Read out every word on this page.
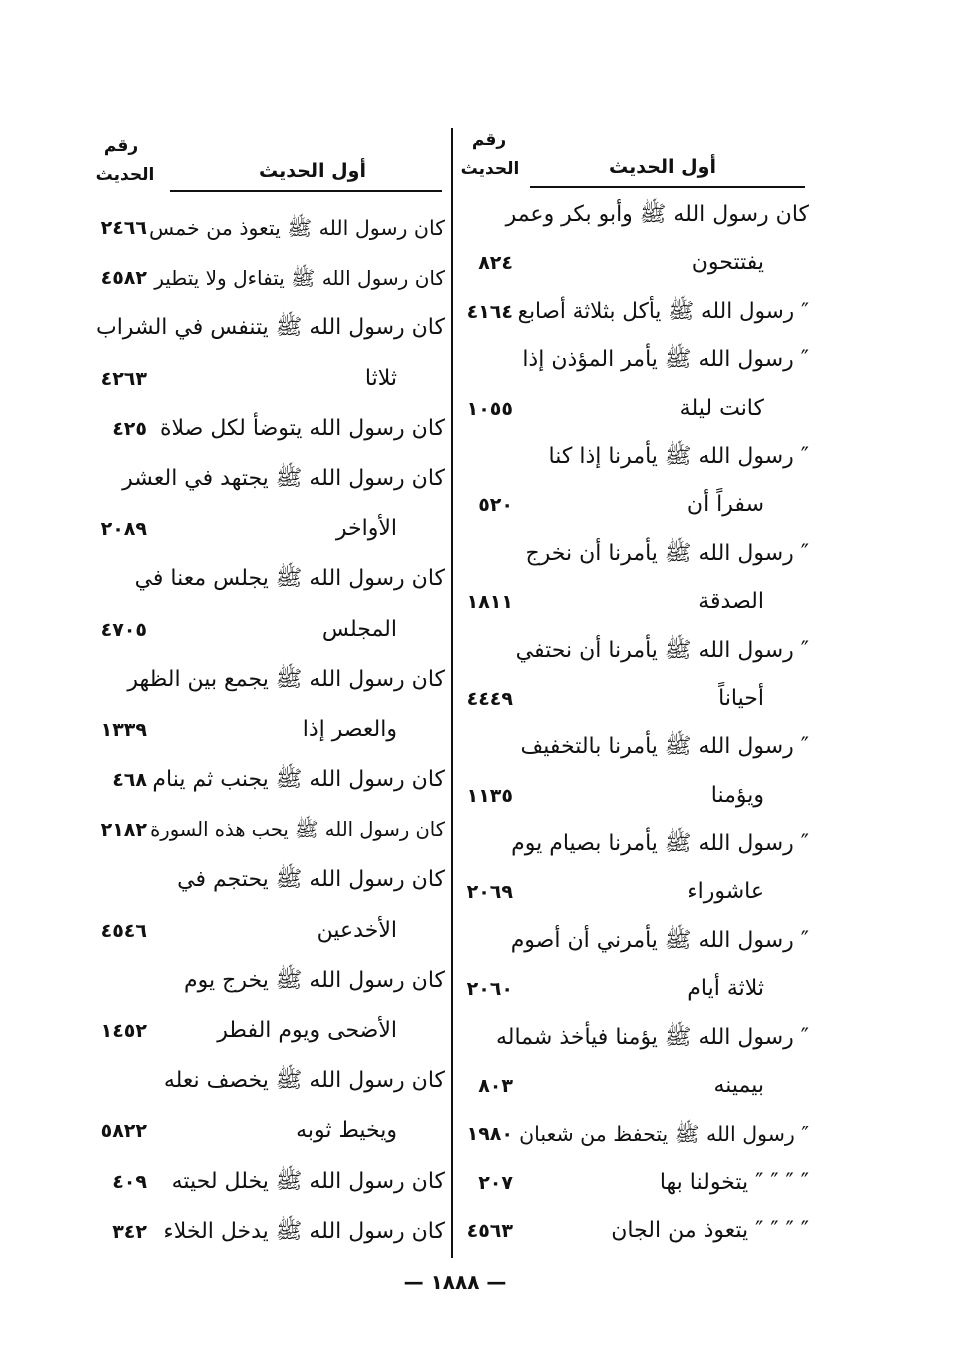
رقم
الحديث	أول الحديث
رقم
الحديث	أول الحديث
كان رسول الله ﷺ وأبو بكر وعمر
يفتتحون
٨٢٤
″ رسول الله ﷺ يأكل بثلاثة أصابع
٤١٦٤
″ رسول الله ﷺ يأمر المؤذن إذا
كانت ليلة
١٠٥٥
″ رسول الله ﷺ يأمرنا إذا كنا
سفراً أن
٥٢٠
″ رسول الله ﷺ يأمرنا أن نخرج
الصدقة
١٨١١
″ رسول الله ﷺ يأمرنا أن نحتفي
أحياناً
٤٤٤٩
″ رسول الله ﷺ يأمرنا بالتخفيف
ويؤمنا
١١٣٥
″ رسول الله ﷺ يأمرنا بصيام يوم
عاشوراء
٢٠٦٩
″ رسول الله ﷺ يأمرني أن أصوم
ثلاثة أيام
٢٠٦٠
″ رسول الله ﷺ يؤمنا فيأخذ شماله
بيمينه
٨٠٣
″ رسول الله ﷺ يتحفظ من شعبان
١٩٨٠
″ ″ ″ ″ يتخولنا بها
٢٠٧
″ ″ ″ ″ يتعوذ من الجان
٤٥٦٣
كان رسول الله ﷺ يتعوذ من خمس
٢٤٦٦
كان رسول الله ﷺ يتفاءل ولا يتطير
٤٥٨٢
كان رسول الله ﷺ يتنفس في الشراب
ثلاثا
٤٢٦٣
كان رسول الله يتوضأ لكل صلاة
٤٢٥
كان رسول الله ﷺ يجتهد في العشر
الأواخر
٢٠٨٩
كان رسول الله ﷺ يجلس معنا في
المجلس
٤٧٠٥
كان رسول الله ﷺ يجمع بين الظهر
والعصر إذا
١٣٣٩
كان رسول الله ﷺ يجنب ثم ينام
٤٦٨
كان رسول الله ﷺ يحب هذه السورة
٢١٨٢
كان رسول الله ﷺ يحتجم في
الأخدعين
٤٥٤٦
كان رسول الله ﷺ يخرج يوم
الأضحى ويوم الفطر
١٤٥٢
كان رسول الله ﷺ يخصف نعله
ويخيط ثوبه
٥٨٢٢
كان رسول الله ﷺ يخلل لحيته
٤٠٩
كان رسول الله ﷺ يدخل الخلاء
٣٤٢
— ١٨٨٨ —
